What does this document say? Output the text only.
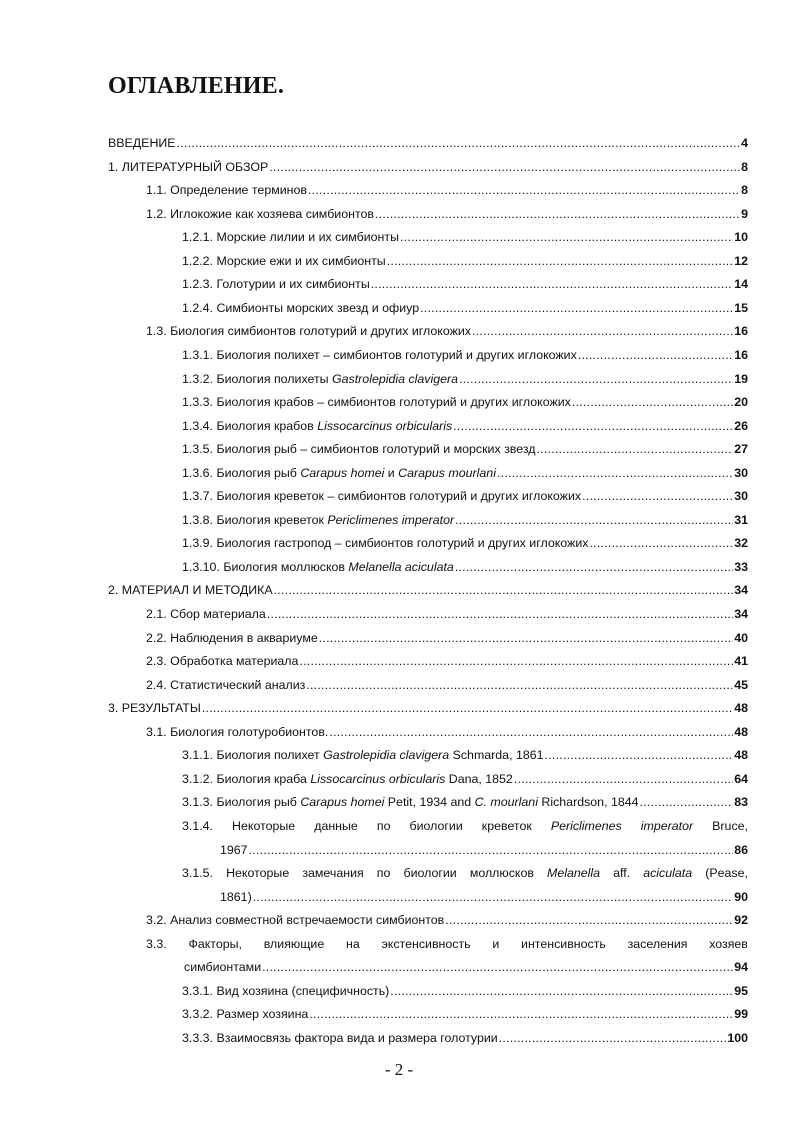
ОГЛАВЛЕНИЕ.
ВВЕДЕНИЕ . . .	4
1. ЛИТЕРАТУРНЫЙ ОБЗОР . . .	8
1.1. Определение терминов . . .	8
1.2. Иглокожие как хозяева симбионтов . . .	9
1.2.1. Морские лилии и их симбионты . . .	10
1.2.2. Морские ежи и их симбионты . . .	12
1.2.3. Голотурии и их симбионты . . .	14
1.2.4. Симбионты морских звезд и офиур . . .	15
1.3. Биология симбионтов голотурий и других иглокожих . . .	16
1.3.1. Биология полихет – симбионтов голотурий и других иглокожих . . .	16
1.3.2. Биология полихеты Gastrolepidia clavigera . . .	19
1.3.3. Биология крабов – симбионтов голотурий и других иглокожих . . .	20
1.3.4. Биология крабов Lissocarcinus orbicularis . . .	26
1.3.5. Биология рыб – симбионтов голотурий и морских звезд . . .	27
1.3.6. Биология рыб Carapus homei и Carapus mourlani . . .	30
1.3.7. Биология креветок – симбионтов голотурий и других иглокожих . . .	30
1.3.8. Биология креветок Periclimenes imperator . . .	31
1.3.9. Биология гастропод – симбионтов голотурий и других иглокожих . . .	32
1.3.10. Биология моллюсков Melanella aciculata . . .	33
2. МАТЕРИАЛ И МЕТОДИКА . . .	34
2.1. Сбор материала . . .	34
2.2. Наблюдения в аквариуме . . .	40
2.3. Обработка материала . . .	41
2.4. Статистический анализ . . .	45
3. РЕЗУЛЬТАТЫ . . .	48
3.1. Биология голотуробионтов. . . .	48
3.1.1. Биология полихет Gastrolepidia clavigera Schmarda, 1861 . . .	48
3.1.2. Биология краба Lissocarcinus orbicularis Dana, 1852 . . .	64
3.1.3. Биология рыб Carapus homei Petit, 1934 and C. mourlani Richardson, 1844 . . .	83
3.1.4. Некоторые данные по биологии креветок Periclimenes imperator Bruce,
1967 . . .	86
3.1.5. Некоторые замечания по биологии моллюсков Melanella aff. aciculata (Pease,
1861) . . .	90
3.2. Анализ совместной встречаемости симбионтов . . .	92
3.3. Факторы, влияющие на экстенсивность и интенсивность заселения хозяев
симбионтами . . .	94
3.3.1. Вид хозяина (специфичность) . . .	95
3.3.2. Размер хозяина . . .	99
3.3.3. Взаимосвязь фактора вида и размера голотурии . . .	100
- 2 -
